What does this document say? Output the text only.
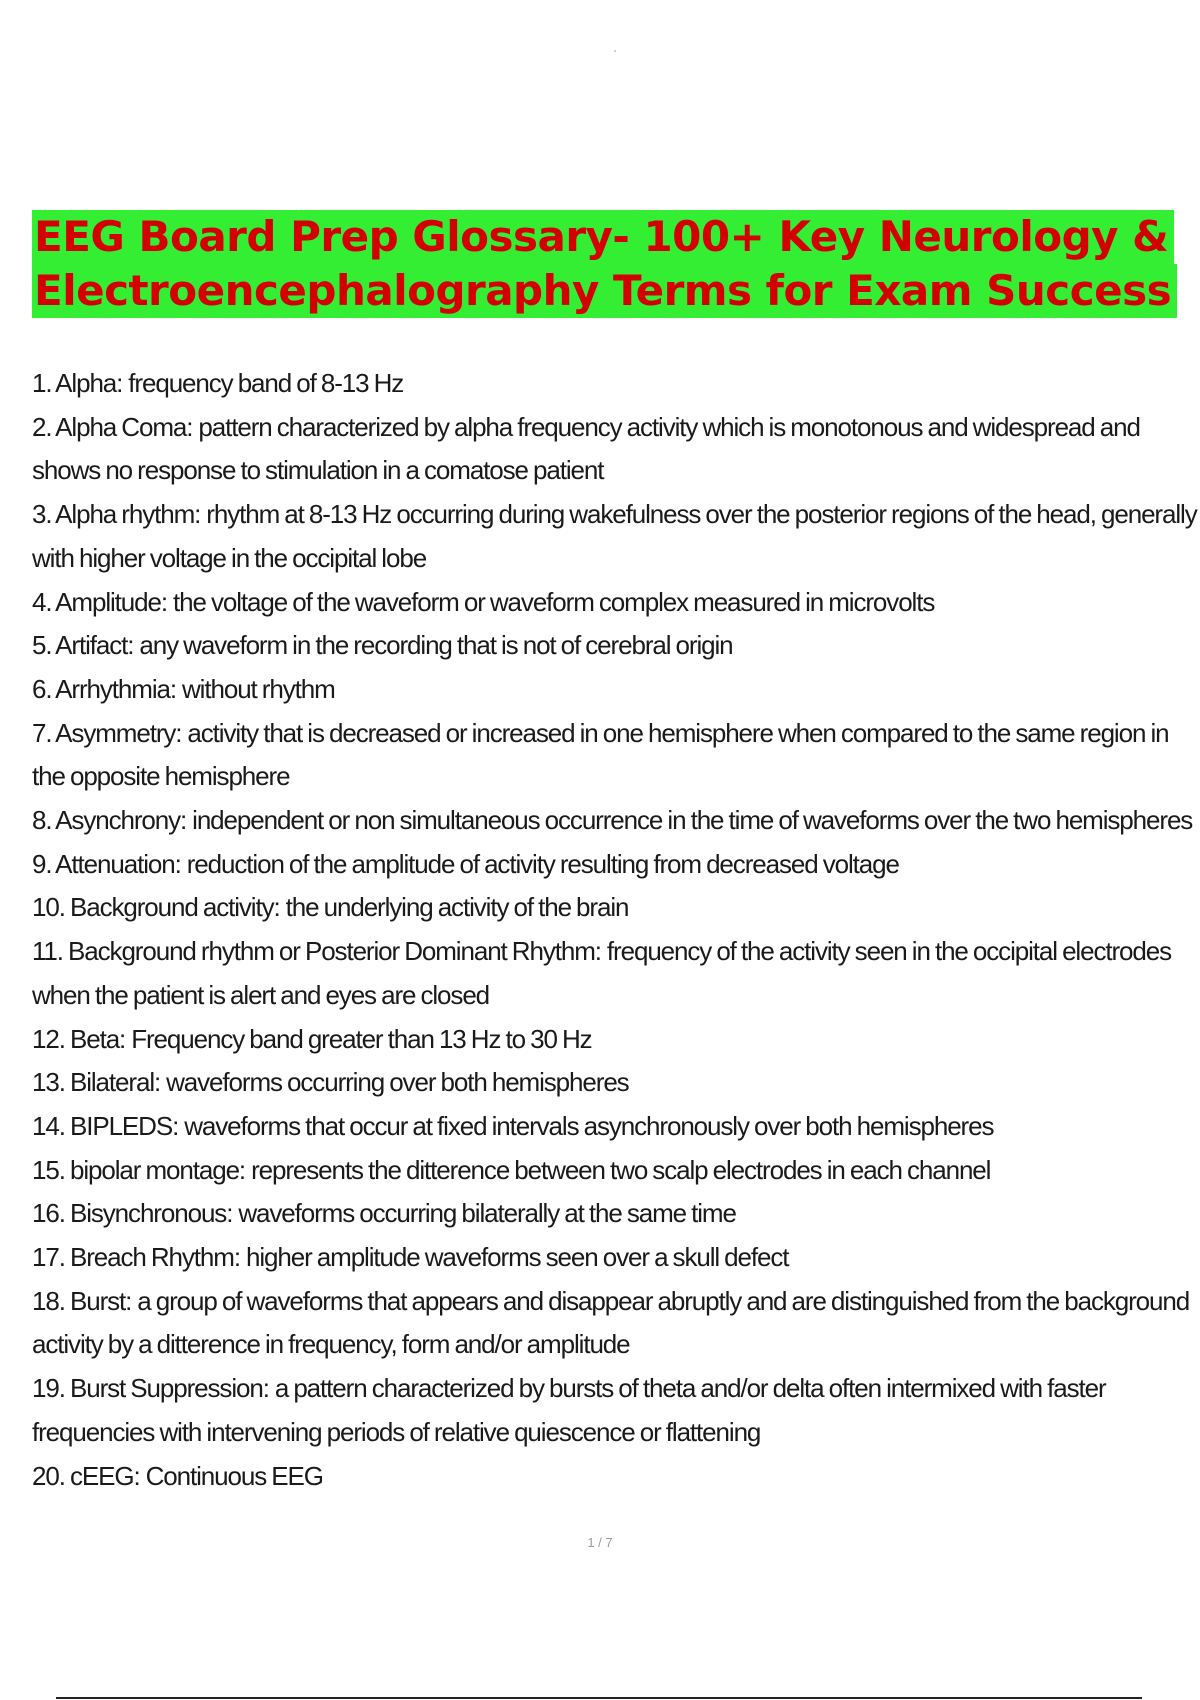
EEG Board Prep Glossary- 100+ Key Neurology &
Electroencephalography Terms for Exam Success

1. Alpha: frequency band of 8-13 Hz

2. Alpha Coma: pattern characterized by alpha frequency activity which is monotonous and widespread and shows no response to stimulation in a comatose patient

3. Alpha rhythm: rhythm at 8-13 Hz occurring during wakefulness over the posterior regions of the head, generally with higher voltage in the occipital lobe

4. Amplitude: the voltage of the waveform or waveform complex measured in microvolts

5. Artifact: any waveform in the recording that is not of cerebral origin

6. Arrhythmia: without rhythm

7. Asymmetry: activity that is decreased or increased in one hemisphere when compared to the same region in the opposite hemisphere

8. Asynchrony: independent or non simultaneous occurrence in the time of waveforms over the two hemispheres

9. Attenuation: reduction of the amplitude of activity resulting from decreased voltage

10. Background activity: the underlying activity of the brain

11. Background rhythm or Posterior Dominant Rhythm: frequency of the activity seen in the occipital electrodes when the patient is alert and eyes are closed

12. Beta: Frequency band greater than 13 Hz to 30 Hz

13. Bilateral: waveforms occurring over both hemispheres

14. BIPLEDS: waveforms that occur at fixed intervals asynchronously over both hemispheres

15. bipolar montage: represents the ditterence between two scalp electrodes in each channel

16. Bisynchronous: waveforms occurring bilaterally at the same time

17. Breach Rhythm: higher amplitude waveforms seen over a skull defect

18. Burst: a group of waveforms that appears and disappear abruptly and are distinguished from the background activity by a ditterence in frequency, form and/or amplitude

19. Burst Suppression: a pattern characterized by bursts of theta and/or delta often intermixed with faster frequencies with intervening periods of relative quiescence or flattening

20. cEEG: Continuous EEG

1 / 7
